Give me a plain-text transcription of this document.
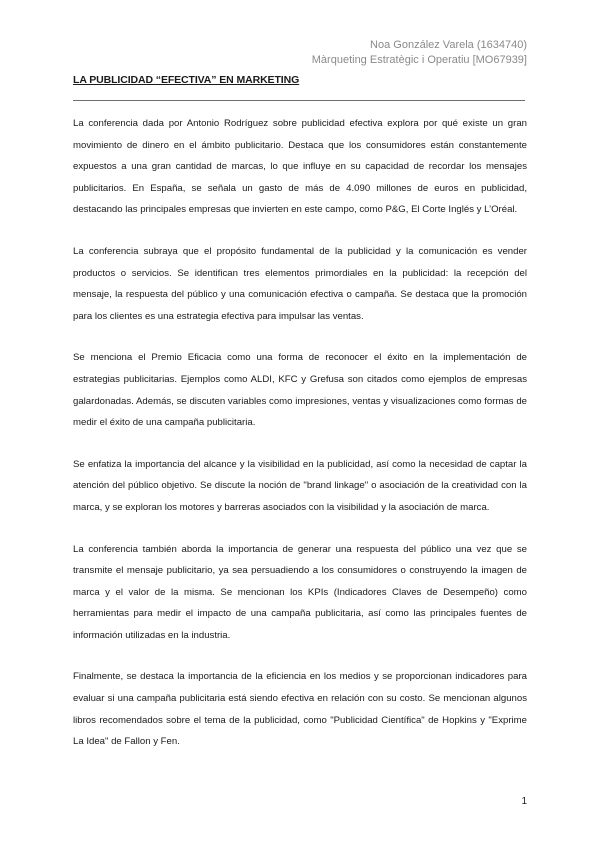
Noa González Varela (1634740)
Màrqueting Estratègic i Operatiu [MO67939]
LA PUBLICIDAD “EFECTIVA” EN MARKETING

La conferencia dada por Antonio Rodríguez sobre publicidad efectiva explora por qué existe un gran movimiento de dinero en el ámbito publicitario. Destaca que los consumidores están constantemente expuestos a una gran cantidad de marcas, lo que influye en su capacidad de recordar los mensajes publicitarios. En España, se señala un gasto de más de 4.090 millones de euros en publicidad, destacando las principales empresas que invierten en este campo, como P&G, El Corte Inglés y L’Oréal.

La conferencia subraya que el propósito fundamental de la publicidad y la comunicación es vender productos o servicios. Se identifican tres elementos primordiales en la publicidad: la recepción del mensaje, la respuesta del público y una comunicación efectiva o campaña. Se destaca que la promoción para los clientes es una estrategia efectiva para impulsar las ventas.

Se menciona el Premio Eficacia como una forma de reconocer el éxito en la implementación de estrategias publicitarias. Ejemplos como ALDI, KFC y Grefusa son citados como ejemplos de empresas galardonadas. Además, se discuten variables como impresiones, ventas y visualizaciones como formas de medir el éxito de una campaña publicitaria.

Se enfatiza la importancia del alcance y la visibilidad en la publicidad, así como la necesidad de captar la atención del público objetivo. Se discute la noción de "brand linkage" o asociación de la creatividad con la marca, y se exploran los motores y barreras asociados con la visibilidad y la asociación de marca.

La conferencia también aborda la importancia de generar una respuesta del público una vez que se transmite el mensaje publicitario, ya sea persuadiendo a los consumidores o construyendo la imagen de marca y el valor de la misma. Se mencionan los KPIs (Indicadores Claves de Desempeño) como herramientas para medir el impacto de una campaña publicitaria, así como las principales fuentes de información utilizadas en la industria.

Finalmente, se destaca la importancia de la eficiencia en los medios y se proporcionan indicadores para evaluar si una campaña publicitaria está siendo efectiva en relación con su costo. Se mencionan algunos libros recomendados sobre el tema de la publicidad, como "Publicidad Científica" de Hopkins y "Exprime La Idea" de Fallon y Fen.

1
